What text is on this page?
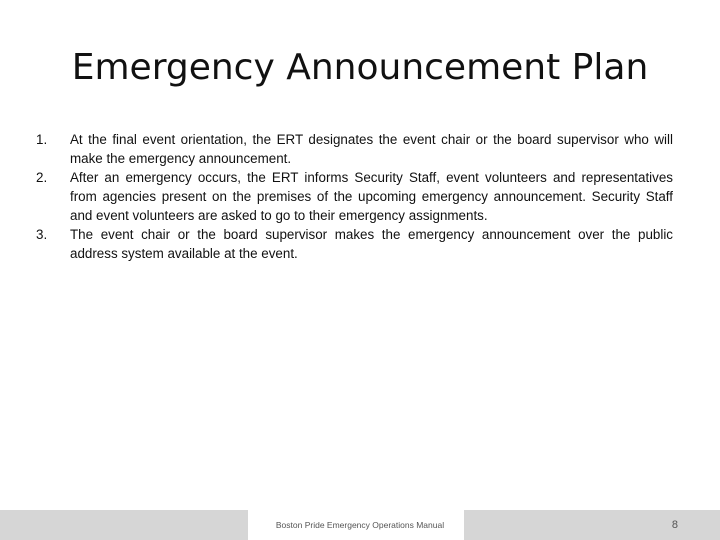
Emergency Announcement Plan
1.	At the final event orientation, the ERT designates the event chair or the board supervisor who will make the emergency announcement.
2.	After an emergency occurs, the ERT informs Security Staff, event volunteers and representatives from agencies present on the premises of the upcoming emergency announcement. Security Staff and event volunteers are asked to go to their emergency assignments.
3.	The event chair or the board supervisor makes the emergency announcement over the public address system available at the event.
Boston Pride Emergency Operations Manual	8
